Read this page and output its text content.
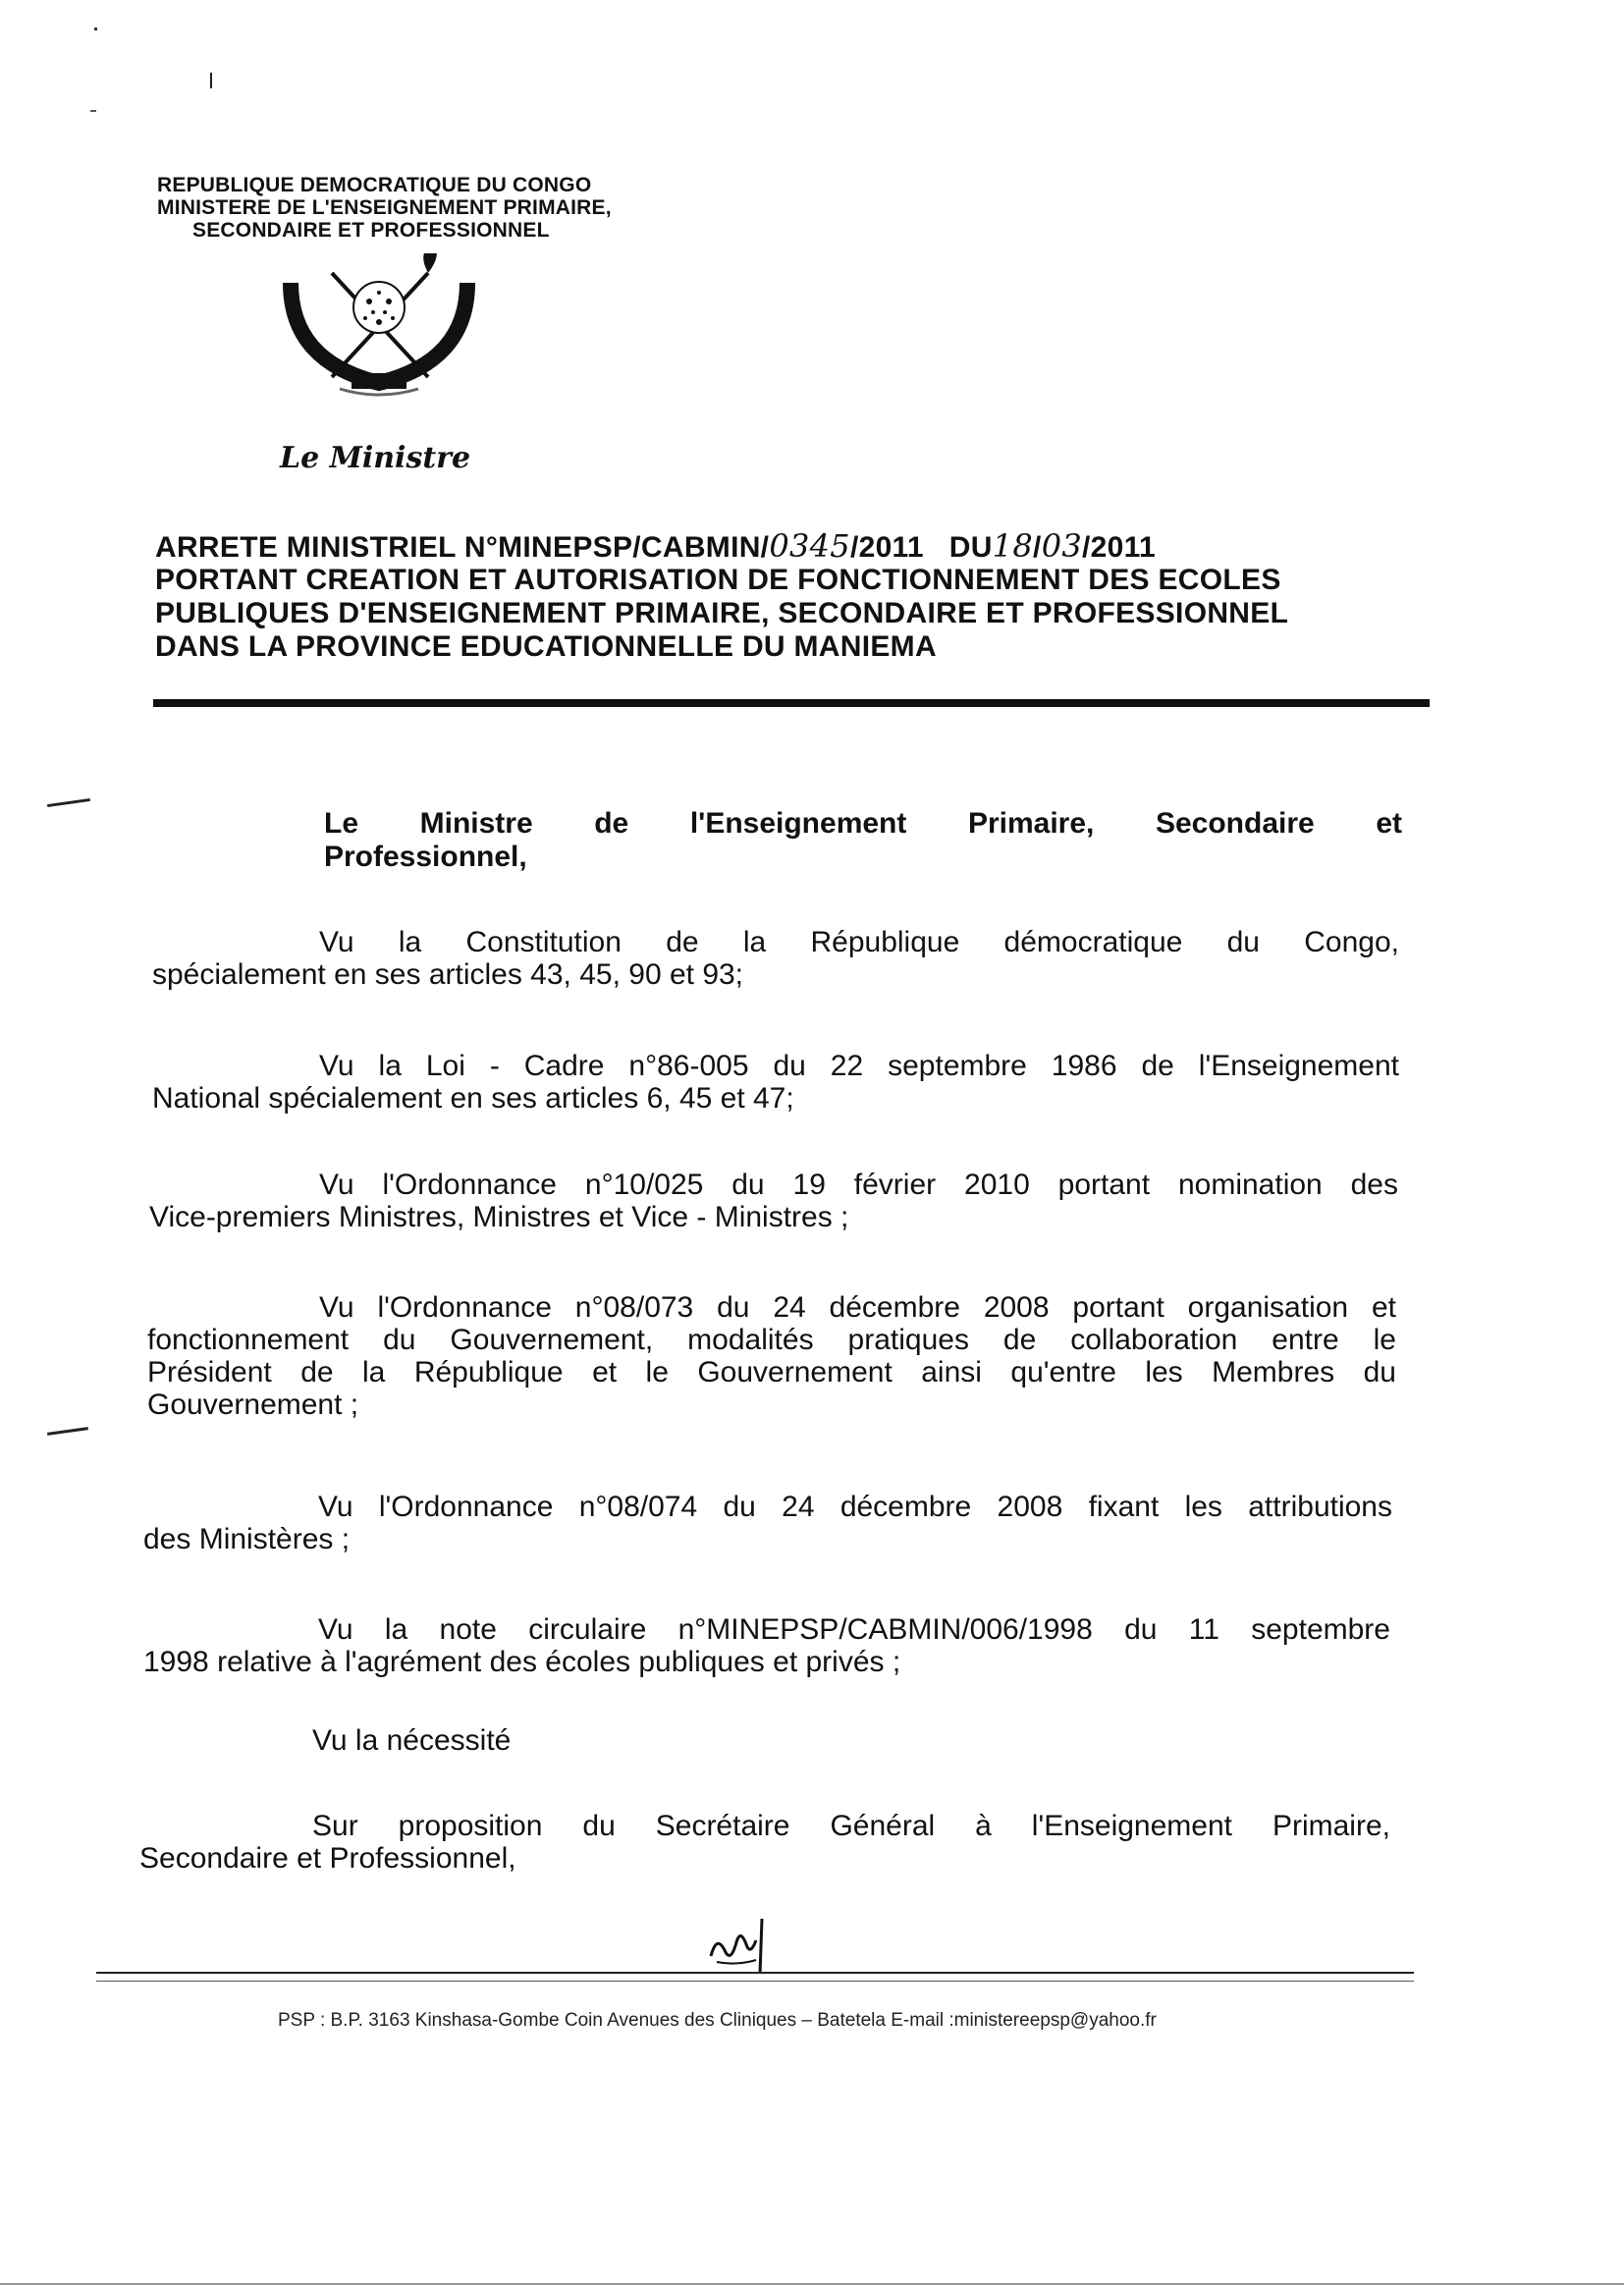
REPUBLIQUE DEMOCRATIQUE DU CONGO
MINISTERE DE L'ENSEIGNEMENT PRIMAIRE,
SECONDAIRE ET PROFESSIONNEL
Le Ministre
ARRETE MINISTRIEL N°MINEPSP/CABMIN/0345/2011 DU18/03/2011
PORTANT CREATION ET AUTORISATION DE FONCTIONNEMENT DES ECOLES
PUBLIQUES D'ENSEIGNEMENT PRIMAIRE, SECONDAIRE ET PROFESSIONNEL
DANS LA PROVINCE EDUCATIONNELLE DU MANIEMA
Le Ministre de l'Enseignement Primaire, Secondaire et
Professionnel,
Vu la Constitution de la République démocratique du Congo,
spécialement en ses articles 43, 45, 90 et 93;
Vu la Loi - Cadre n°86-005 du 22 septembre 1986 de l'Enseignement
National spécialement en ses articles 6, 45 et 47;
Vu l'Ordonnance n°10/025 du 19 février 2010 portant nomination des
Vice-premiers Ministres, Ministres et Vice - Ministres ;
Vu l'Ordonnance n°08/073 du 24 décembre 2008 portant organisation et
fonctionnement du Gouvernement, modalités pratiques de collaboration entre le
Président de la République et le Gouvernement ainsi qu'entre les Membres du
Gouvernement ;
Vu l'Ordonnance n°08/074 du 24 décembre 2008 fixant les attributions
des Ministères ;
Vu la note circulaire n°MINEPSP/CABMIN/006/1998 du 11 septembre
1998 relative à l'agrément des écoles publiques et privés ;
Vu la nécessité
Sur proposition du Secrétaire Général à l'Enseignement Primaire,
Secondaire et Professionnel,
PSP : B.P. 3163 Kinshasa-Gombe Coin Avenues des Cliniques – Batetela E-mail :ministereepsp@yahoo.fr
